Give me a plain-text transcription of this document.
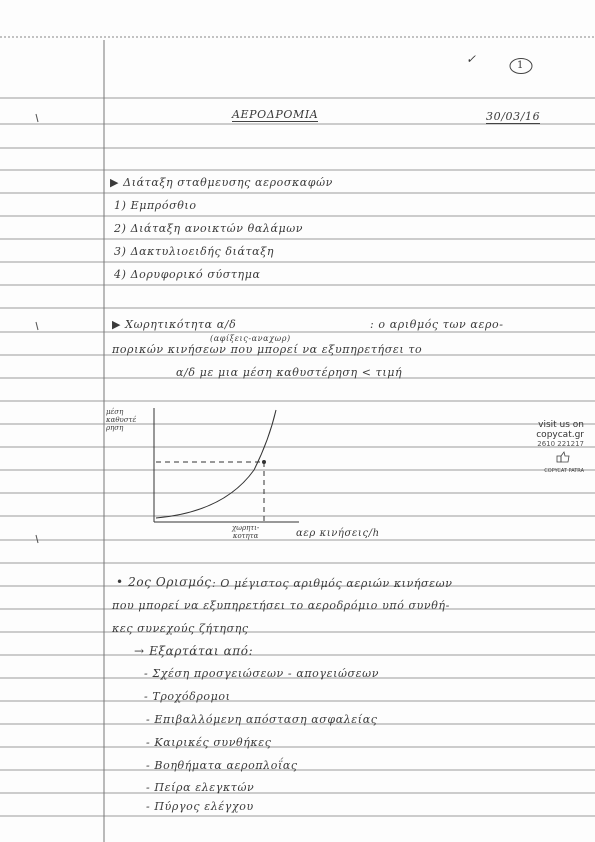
✓	1
ΑΕΡΟΔΡΟΜΙΑ	30/03/16
▶ Διάταξη σταθμευσης αεροσκαφών
1) Εμπρόσθιο
2) Διάταξη ανοικτών θαλάμων
3) Δακτυλιοειδής διάταξη
4) Δορυφορικό σύστημα
▶ Χωρητικότητα α/δ	: ο αριθμός των αερο-
(αφίξεις-αναχωρ)
πορικών κινήσεων που μπορεί να εξυπηρετήσει το
α/δ με μια μέση καθυστέρηση < τιμή
μέση
καθυστέ
ρηση
χωρητι-
κοτητα	αερ κινήσεις/h
visit us on
copycat.gr
2610 221217
COPYCAT PATRA
• 2ος Ορισμός : Ο μέγιστος αριθμός αεριών κινήσεων
που μπορεί να εξυπηρετήσει το αεροδρόμιο υπό συνθή-
κες συνεχούς ζήτησης
→ Εξαρτάται από:
- Σχέση προσγειώσεων - απογειώσεων
- Τροχόδρομοι
- Επιβαλλόμενη απόσταση ασφαλείας
- Καιρικές συνθήκες
- Βοηθήματα αεροπλοΐας
- Πείρα ελεγκτών
- Πύργος ελέγχου
